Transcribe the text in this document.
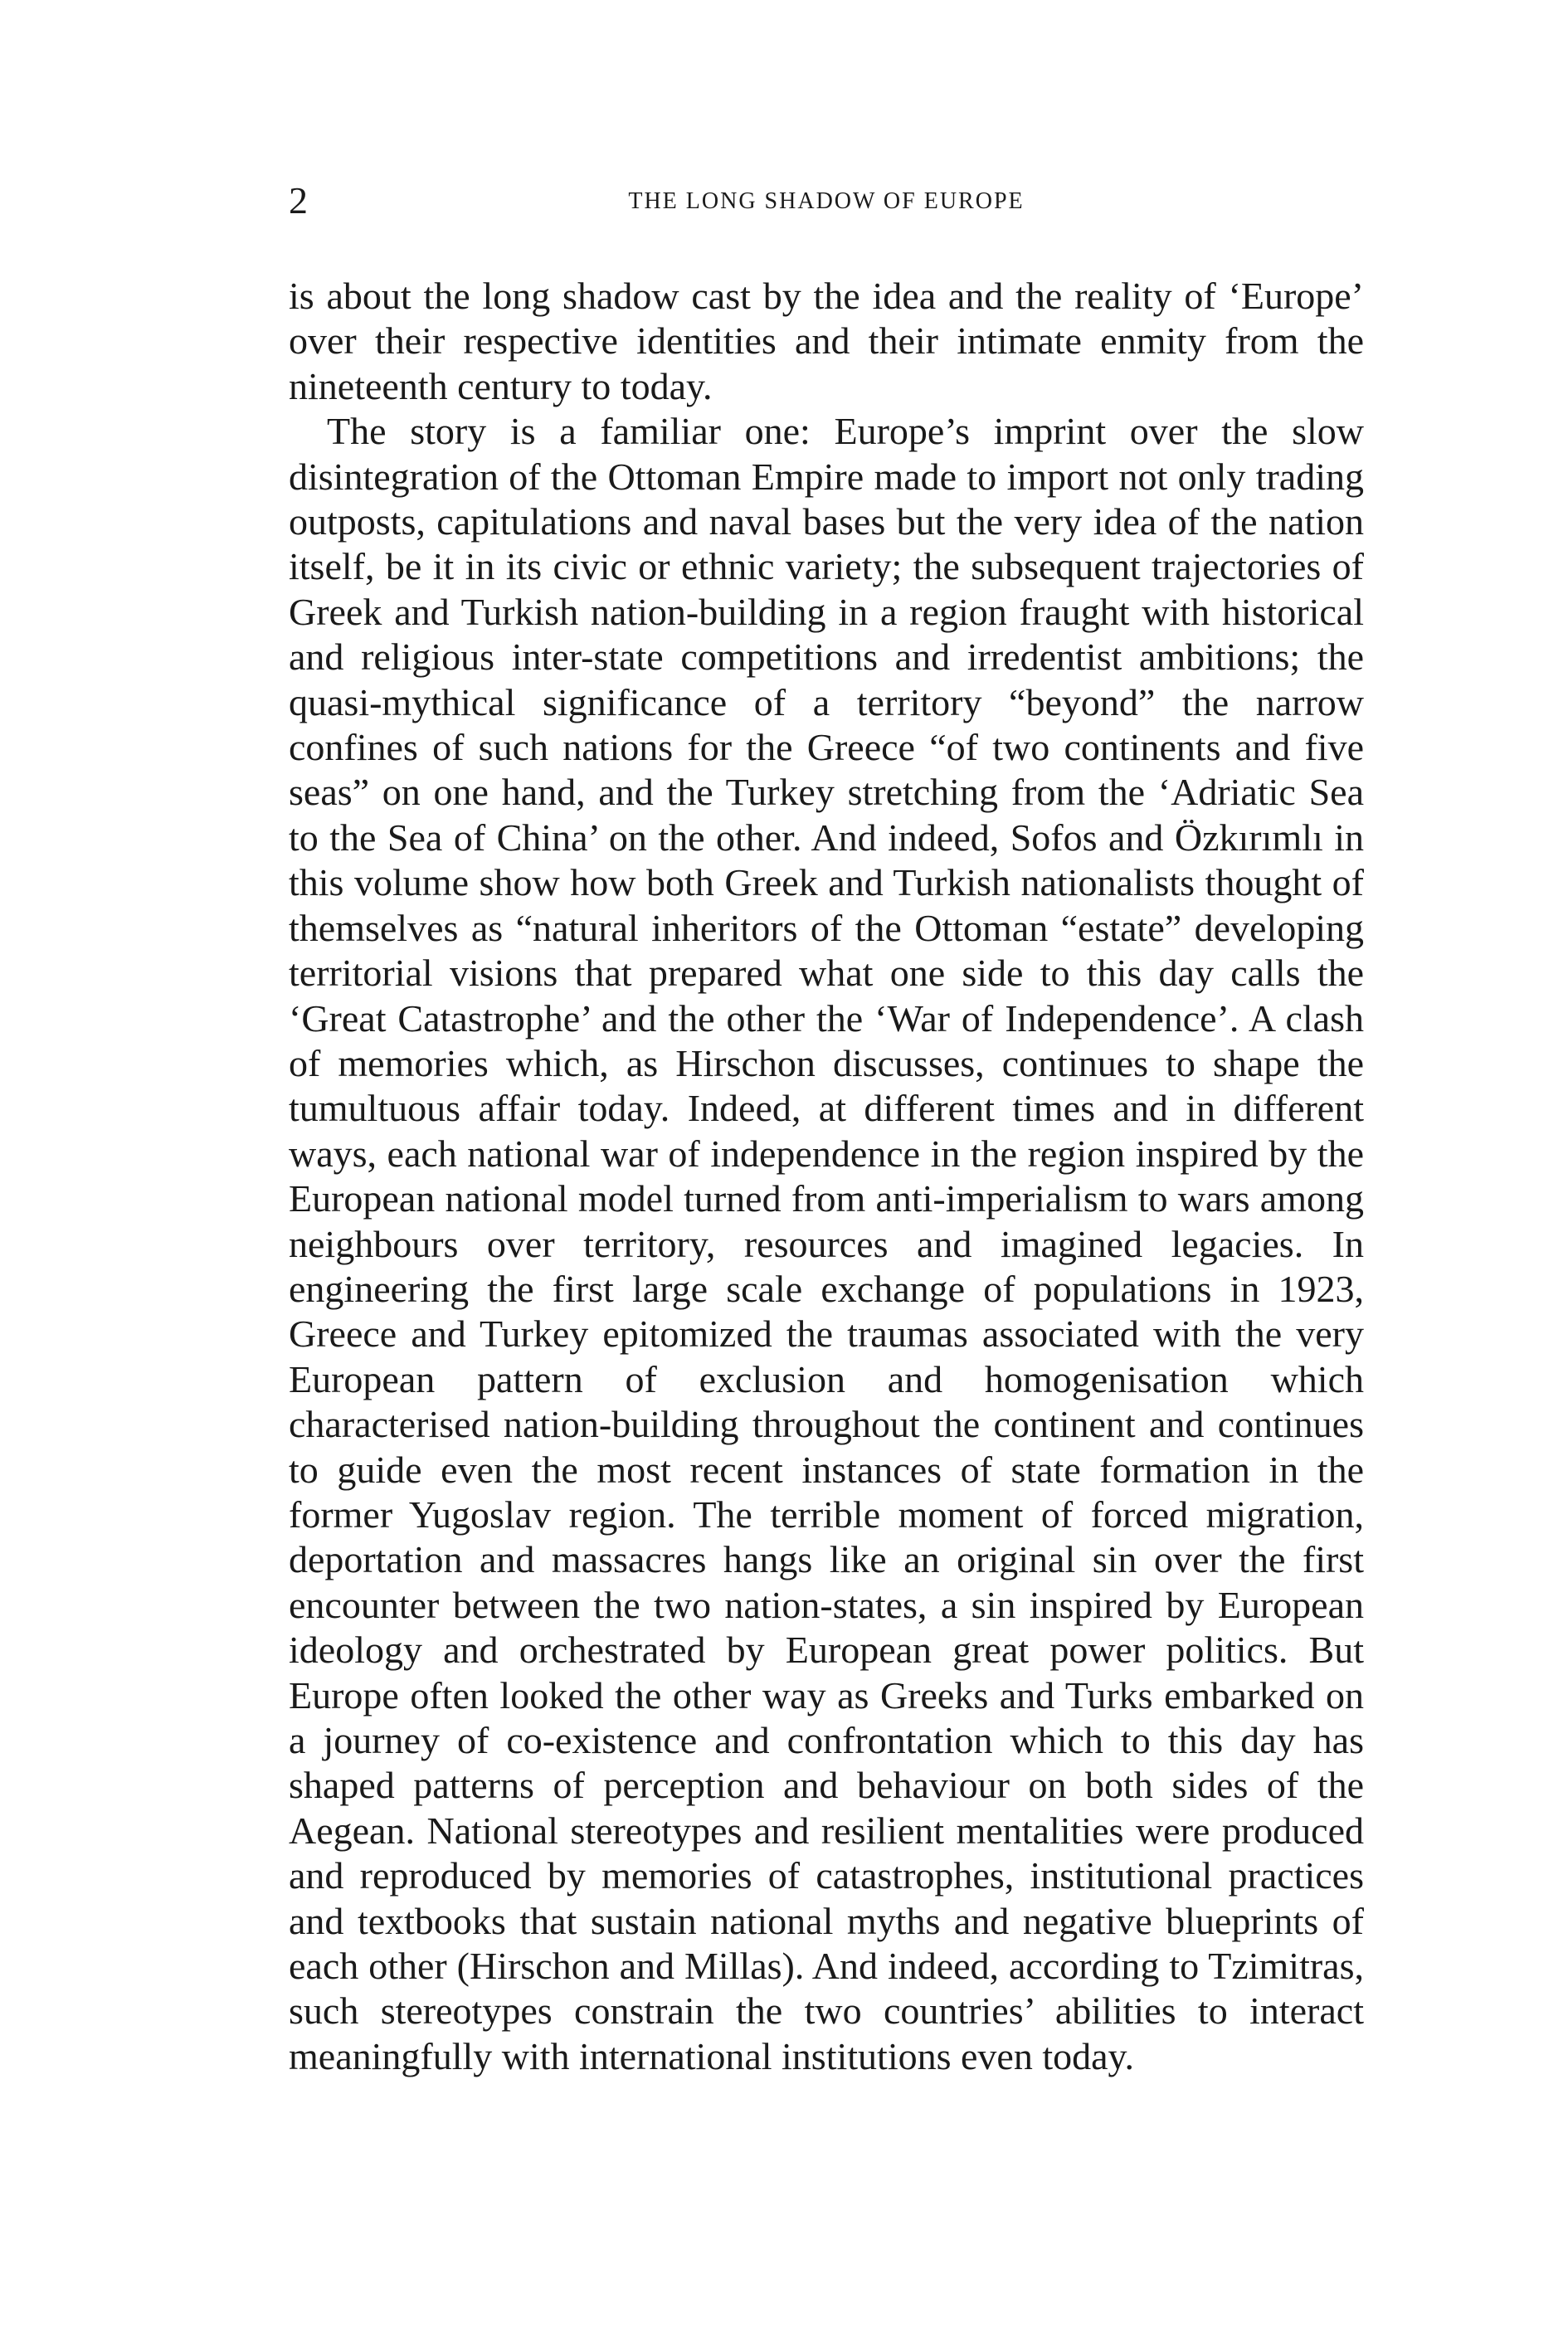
2	THE LONG SHADOW OF EUROPE

is about the long shadow cast by the idea and the reality of ‘Europe’ over their respective identities and their intimate enmity from the nineteenth century to today.

The story is a familiar one: Europe’s imprint over the slow disintegration of the Ottoman Empire made to import not only trading outposts, capitulations and naval bases but the very idea of the nation itself, be it in its civic or ethnic variety; the subsequent trajectories of Greek and Turkish nation-building in a region fraught with historical and religious inter-state competitions and irredentist ambitions; the quasi-mythical significance of a territory “beyond” the narrow confines of such nations for the Greece “of two continents and five seas” on one hand, and the Turkey stretching from the ‘Adriatic Sea to the Sea of China’ on the other. And indeed, Sofos and Özkırımlı in this volume show how both Greek and Turkish nationalists thought of themselves as “natural inheritors of the Ottoman “estate” developing territorial visions that prepared what one side to this day calls the ‘Great Catastrophe’ and the other the ‘War of Independence’. A clash of memories which, as Hirschon discusses, continues to shape the tumultuous affair today. Indeed, at different times and in different ways, each national war of independence in the region inspired by the European national model turned from anti-imperialism to wars among neighbours over territory, resources and imagined legacies. In engineering the first large scale exchange of populations in 1923, Greece and Turkey epitomized the traumas associated with the very European pattern of exclusion and homogenisation which characterised nation-building throughout the continent and continues to guide even the most recent instances of state formation in the former Yugoslav region. The terrible moment of forced migration, deportation and massacres hangs like an original sin over the first encounter between the two nation-states, a sin inspired by European ideology and orchestrated by European great power politics. But Europe often looked the other way as Greeks and Turks embarked on a journey of co-existence and confrontation which to this day has shaped patterns of perception and behaviour on both sides of the Aegean. National stereotypes and resilient mentalities were produced and reproduced by memories of catastrophes, institutional practices and textbooks that sustain national myths and negative blueprints of each other (Hirschon and Millas). And indeed, according to Tzimitras, such stereotypes constrain the two countries’ abilities to interact meaningfully with international institutions even today.
